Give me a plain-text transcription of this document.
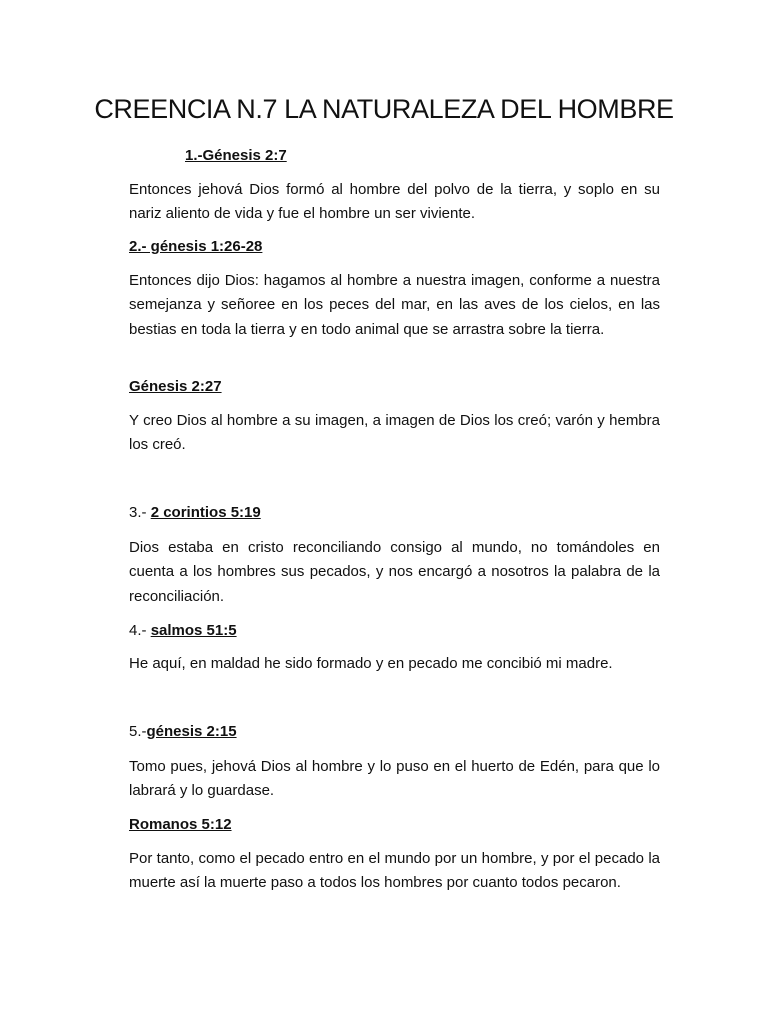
CREENCIA N.7 LA NATURALEZA DEL HOMBRE

1.-Génesis 2:7

Entonces jehová Dios formó al hombre del polvo de la tierra, y soplo en su nariz aliento de vida y fue el hombre un ser viviente.

2.- génesis 1:26-28

Entonces dijo Dios: hagamos al hombre a nuestra imagen, conforme a nuestra semejanza y señoree en los peces del mar, en las aves de los cielos, en las bestias en toda la tierra y en todo animal que se arrastra sobre la tierra.

Génesis 2:27

Y creo Dios al hombre a su imagen, a imagen de Dios los creó; varón y hembra los creó.

3.- 2 corintios 5:19

Dios estaba en cristo reconciliando consigo al mundo, no tomándoles en cuenta a los hombres sus pecados, y nos encargó a nosotros la palabra de la reconciliación.

4.- salmos 51:5

He aquí, en maldad he sido formado y en pecado me concibió mi madre.

5.-génesis 2:15

Tomo pues, jehová Dios al hombre y lo puso en el huerto de Edén, para que lo labrará y lo guardase.

Romanos 5:12

Por tanto, como el pecado entro en el mundo por un hombre, y por el pecado la muerte así la muerte paso a todos los hombres por cuanto todos pecaron.
